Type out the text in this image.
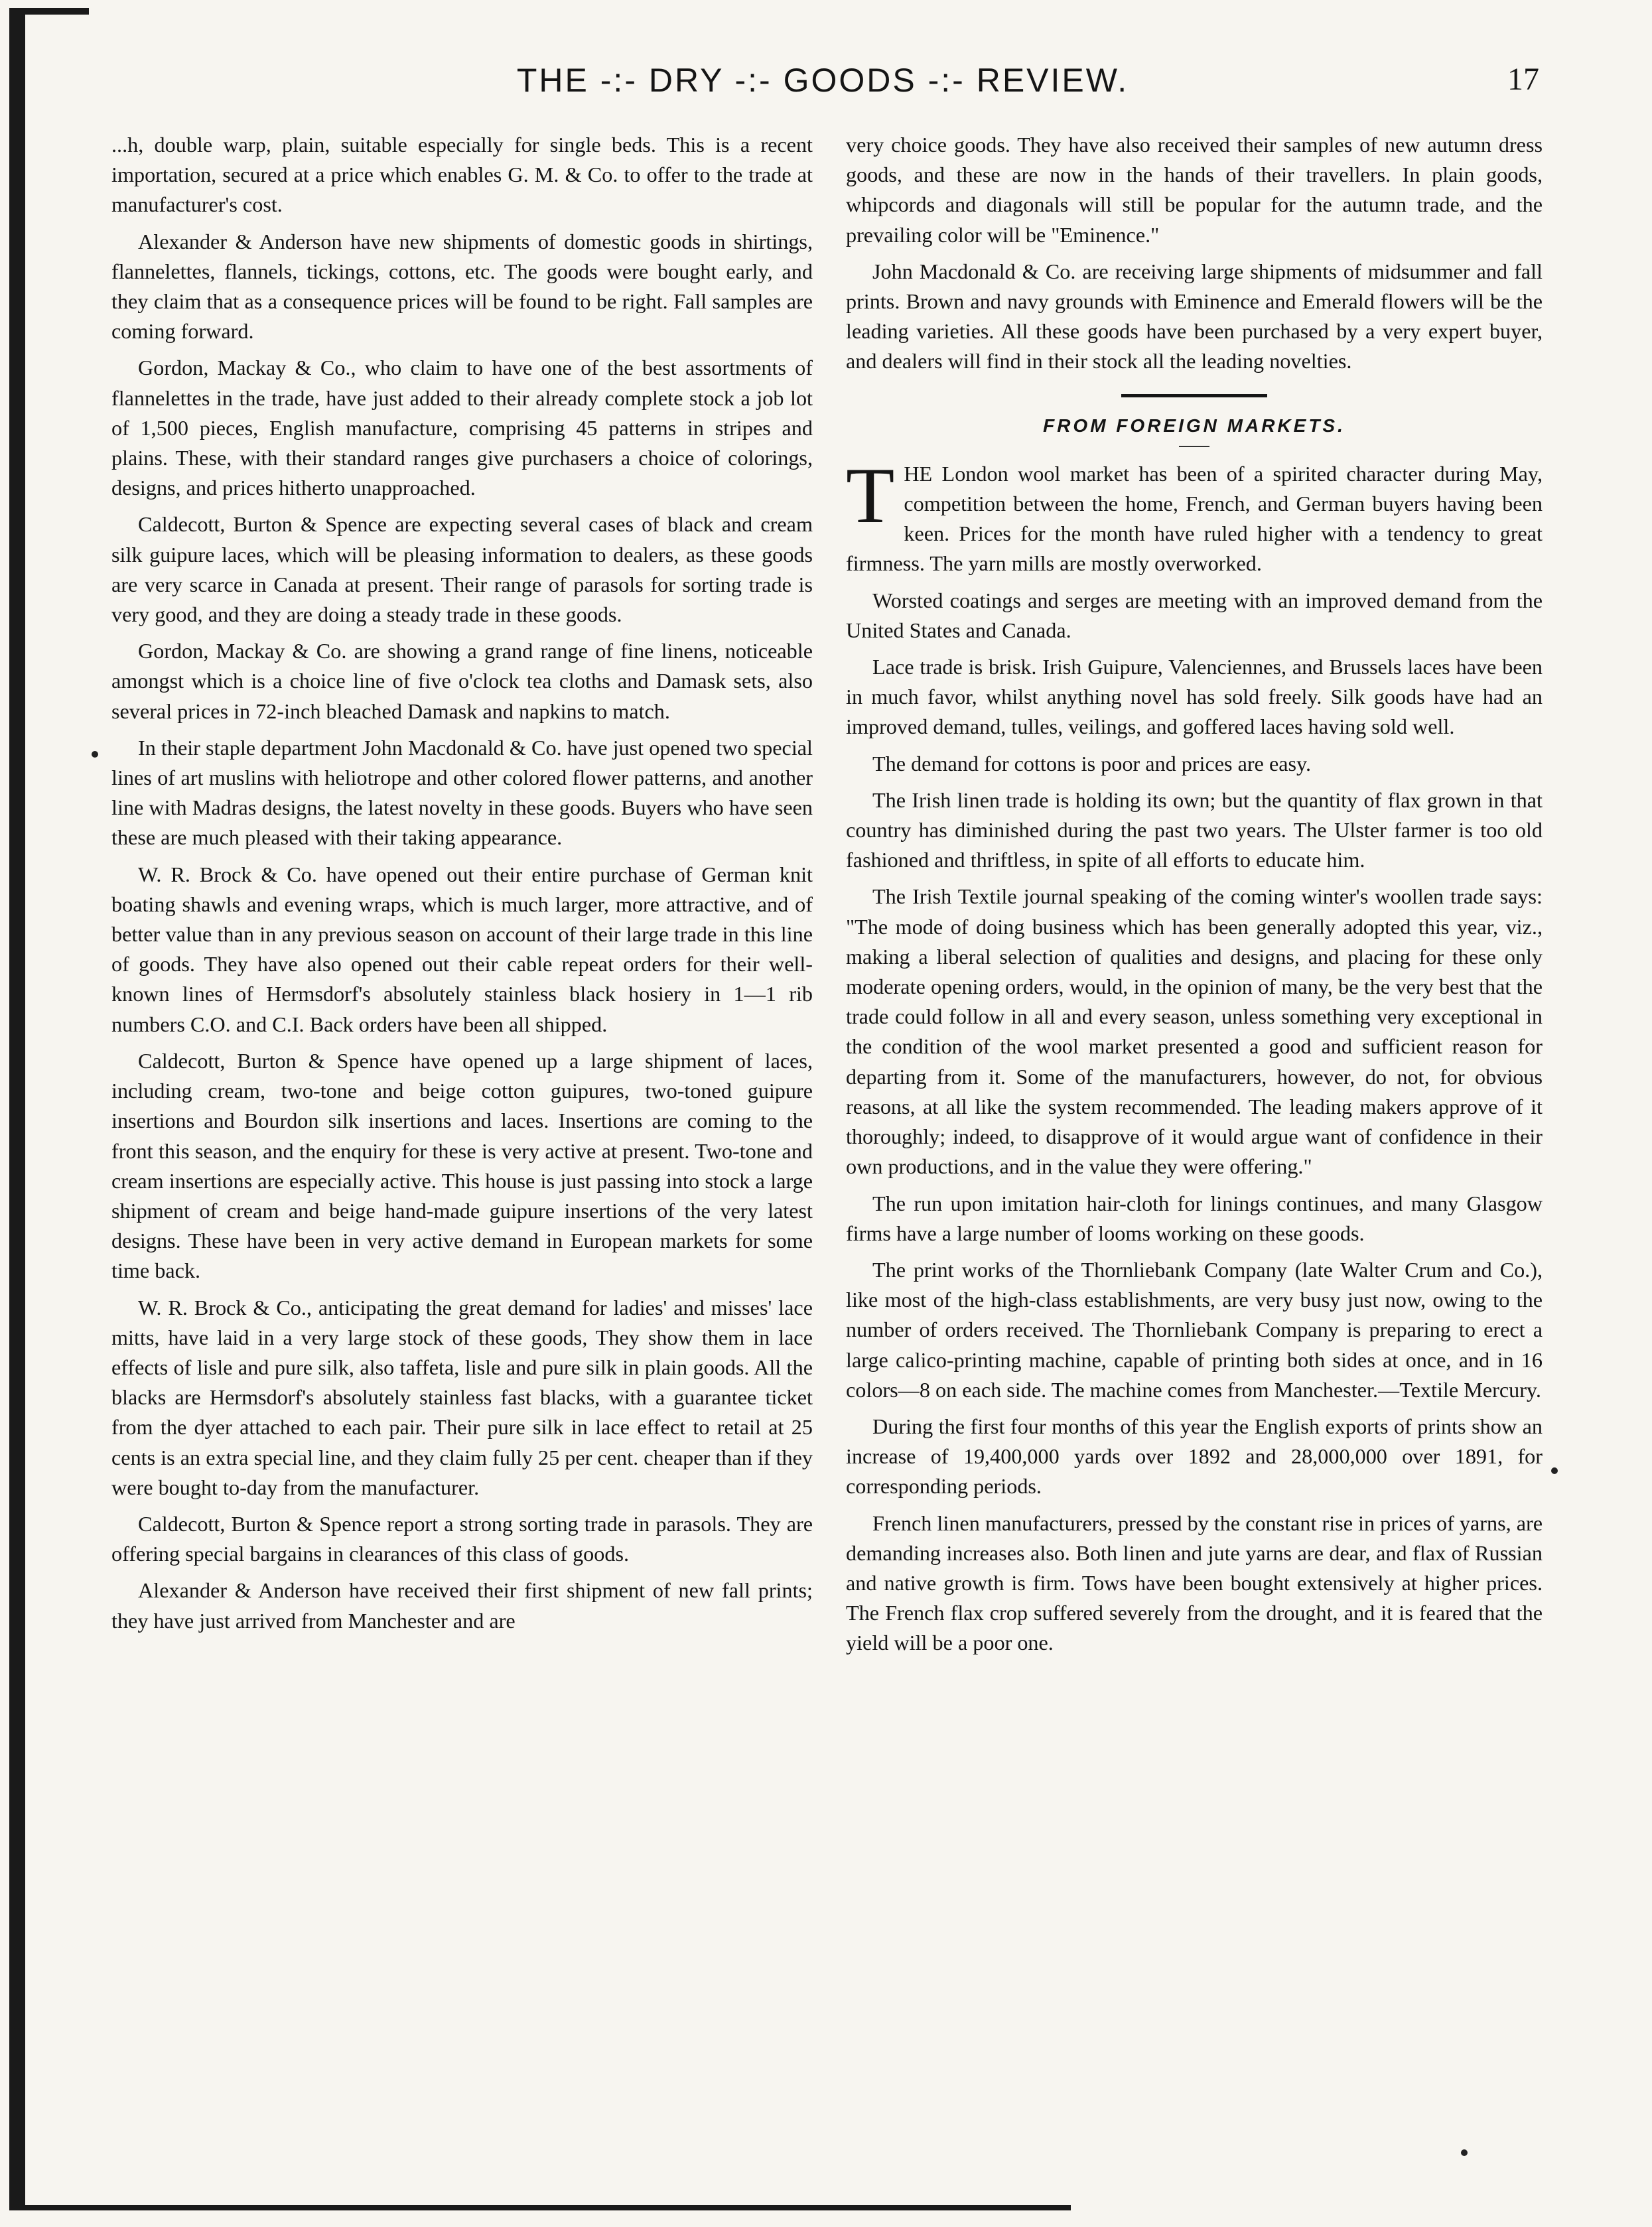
THE -:- DRY -:- GOODS -:- REVIEW.	17

...h, double warp, plain, suitable especially for single beds. This is a recent importation, secured at a price which enables G. M. & Co. to offer to the trade at manufacturer's cost.

Alexander & Anderson have new shipments of domestic goods in shirtings, flannelettes, flannels, tickings, cottons, etc. The goods were bought early, and they claim that as a consequence prices will be found to be right. Fall samples are coming forward.

Gordon, Mackay & Co., who claim to have one of the best assortments of flannelettes in the trade, have just added to their already complete stock a job lot of 1,500 pieces, English manufacture, comprising 45 patterns in stripes and plains. These, with their standard ranges give purchasers a choice of colorings, designs, and prices hitherto unapproached.

Caldecott, Burton & Spence are expecting several cases of black and cream silk guipure laces, which will be pleasing information to dealers, as these goods are very scarce in Canada at present. Their range of parasols for sorting trade is very good, and they are doing a steady trade in these goods.

Gordon, Mackay & Co. are showing a grand range of fine linens, noticeable amongst which is a choice line of five o'clock tea cloths and Damask sets, also several prices in 72-inch bleached Damask and napkins to match.

In their staple department John Macdonald & Co. have just opened two special lines of art muslins with heliotrope and other colored flower patterns, and another line with Madras designs, the latest novelty in these goods. Buyers who have seen these are much pleased with their taking appearance.

W. R. Brock & Co. have opened out their entire purchase of German knit boating shawls and evening wraps, which is much larger, more attractive, and of better value than in any previous season on account of their large trade in this line of goods. They have also opened out their cable repeat orders for their well-known lines of Hermsdorf's absolutely stainless black hosiery in 1—1 rib numbers C.O. and C.I. Back orders have been all shipped.

Caldecott, Burton & Spence have opened up a large shipment of laces, including cream, two-tone and beige cotton guipures, two-toned guipure insertions and Bourdon silk insertions and laces. Insertions are coming to the front this season, and the enquiry for these is very active at present. Two-tone and cream insertions are especially active. This house is just passing into stock a large shipment of cream and beige hand-made guipure insertions of the very latest designs. These have been in very active demand in European markets for some time back.

W. R. Brock & Co., anticipating the great demand for ladies' and misses' lace mitts, have laid in a very large stock of these goods, They show them in lace effects of lisle and pure silk, also taffeta, lisle and pure silk in plain goods. All the blacks are Hermsdorf's absolutely stainless fast blacks, with a guarantee ticket from the dyer attached to each pair. Their pure silk in lace effect to retail at 25 cents is an extra special line, and they claim fully 25 per cent. cheaper than if they were bought to-day from the manufacturer.

Caldecott, Burton & Spence report a strong sorting trade in parasols. They are offering special bargains in clearances of this class of goods.

Alexander & Anderson have received their first shipment of new fall prints; they have just arrived from Manchester and are

very choice goods. They have also received their samples of new autumn dress goods, and these are now in the hands of their travellers. In plain goods, whipcords and diagonals will still be popular for the autumn trade, and the prevailing color will be "Eminence."

John Macdonald & Co. are receiving large shipments of midsummer and fall prints. Brown and navy grounds with Eminence and Emerald flowers will be the leading varieties. All these goods have been purchased by a very expert buyer, and dealers will find in their stock all the leading novelties.

FROM FOREIGN MARKETS.

THE London wool market has been of a spirited character during May, competition between the home, French, and German buyers having been keen. Prices for the month have ruled higher with a tendency to great firmness. The yarn mills are mostly overworked.

Worsted coatings and serges are meeting with an improved demand from the United States and Canada.

Lace trade is brisk. Irish Guipure, Valenciennes, and Brussels laces have been in much favor, whilst anything novel has sold freely. Silk goods have had an improved demand, tulles, veilings, and goffered laces having sold well.

The demand for cottons is poor and prices are easy.

The Irish linen trade is holding its own; but the quantity of flax grown in that country has diminished during the past two years. The Ulster farmer is too old fashioned and thriftless, in spite of all efforts to educate him.

The Irish Textile journal speaking of the coming winter's woollen trade says: "The mode of doing business which has been generally adopted this year, viz., making a liberal selection of qualities and designs, and placing for these only moderate opening orders, would, in the opinion of many, be the very best that the trade could follow in all and every season, unless something very exceptional in the condition of the wool market presented a good and sufficient reason for departing from it. Some of the manufacturers, however, do not, for obvious reasons, at all like the system recommended. The leading makers approve of it thoroughly; indeed, to disapprove of it would argue want of confidence in their own productions, and in the value they were offering."

The run upon imitation hair-cloth for linings continues, and many Glasgow firms have a large number of looms working on these goods.

The print works of the Thornliebank Company (late Walter Crum and Co.), like most of the high-class establishments, are very busy just now, owing to the number of orders received. The Thornliebank Company is preparing to erect a large calico-printing machine, capable of printing both sides at once, and in 16 colors—8 on each side. The machine comes from Manchester.—Textile Mercury.

During the first four months of this year the English exports of prints show an increase of 19,400,000 yards over 1892 and 28,000,000 over 1891, for corresponding periods.

French linen manufacturers, pressed by the constant rise in prices of yarns, are demanding increases also. Both linen and jute yarns are dear, and flax of Russian and native growth is firm. Tows have been bought extensively at higher prices. The French flax crop suffered severely from the drought, and it is feared that the yield will be a poor one.
